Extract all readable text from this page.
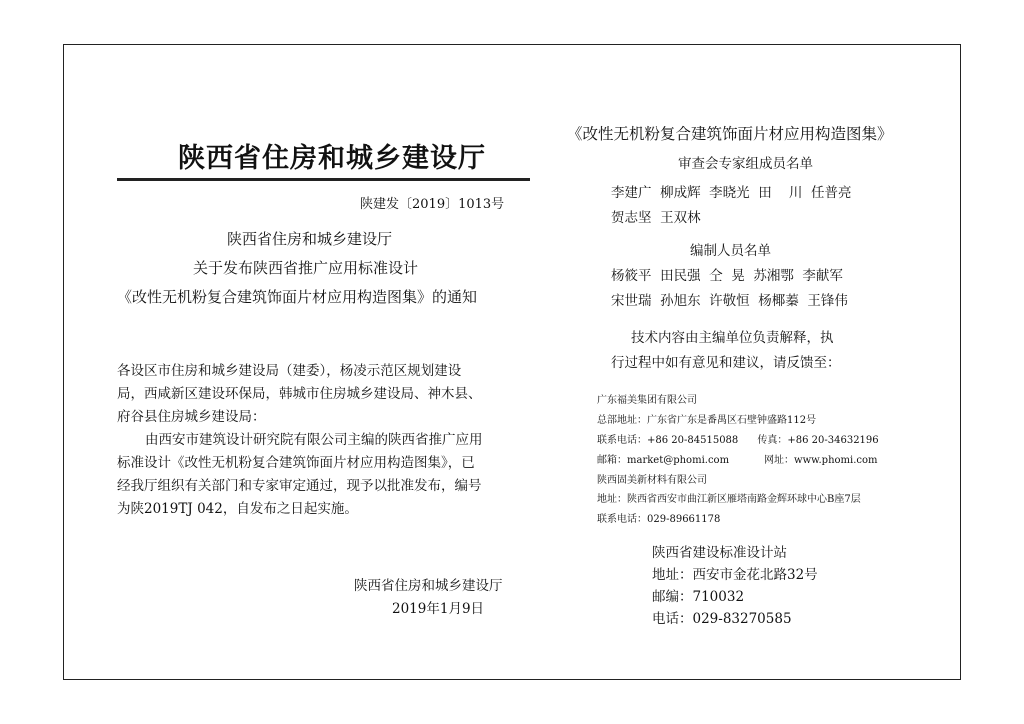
陕西省住房和城乡建设厅
陕建发〔2019〕1013号
陕西省住房和城乡建设厅
关于发布陕西省推广应用标准设计
《改性无机粉复合建筑饰面片材应用构造图集》的通知
各设区市住房和城乡建设局（建委），杨凌示范区规划建设
局，西咸新区建设环保局，韩城市住房城乡建设局、神木县、
府谷县住房城乡建设局：
由西安市建筑设计研究院有限公司主编的陕西省推广应用
标准设计《改性无机粉复合建筑饰面片材应用构造图集》，已
经我厅组织有关部门和专家审定通过，现予以批准发布，编号
为陕2019TJ 042，自发布之日起实施。
陕西省住房和城乡建设厅
2019年1月9日
《改性无机粉复合建筑饰面片材应用构造图集》
审查会专家组成员名单
李建广  柳成辉  李晓光  田    川  任普亮
贺志坚  王双林
编制人员名单
杨筱平  田民强  仝  晃  苏湘鄂  李献军
宋世瑞  孙旭东  许敬恒  杨椰蓁  王锋伟
技术内容由主编单位负责解释，执
行过程中如有意见和建议，请反馈至：
广东福美集团有限公司
总部地址：广东省广东是番禺区石壁钟盛路112号
联系电话：+86 20-84515088      传真：+86 20-34632196
邮箱：market@phomi.com           网址：www.phomi.com
陕西固美新材料有限公司
地址：陕西省西安市曲江新区雁塔南路金辉环球中心B座7层
联系电话：029-89661178
陕西省建设标准设计站
地址：西安市金花北路32号
邮编：710032
电话：029-83270585
